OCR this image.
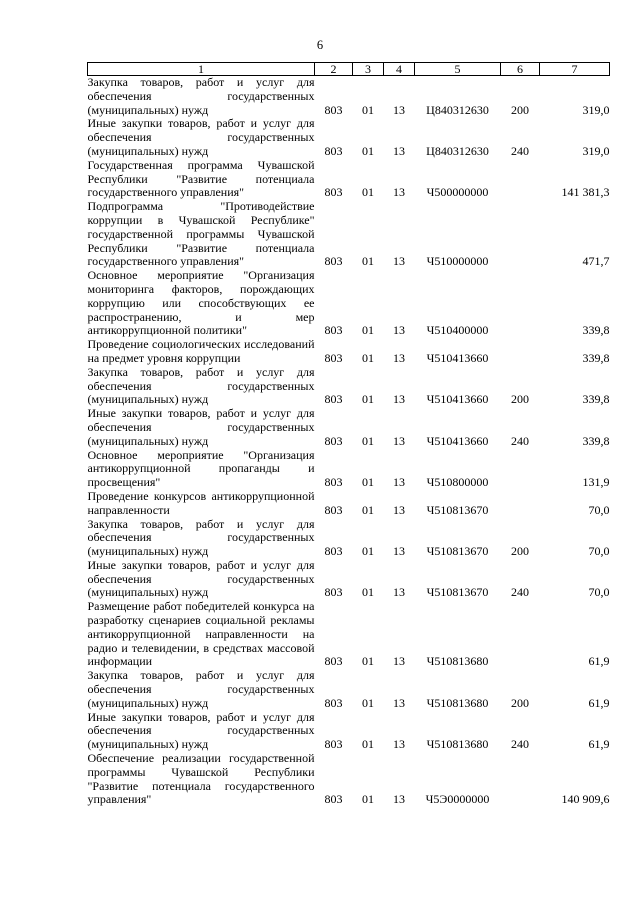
6
1	2	3	4	5	6	7
Закупка товаров, работ и услуг для обеспечения государственных (муниципальных) нужд	803	01	13	Ц840312630	200	319,0
Иные закупки товаров, работ и услуг для обеспечения государственных (муниципальных) нужд	803	01	13	Ц840312630	240	319,0
Государственная программа Чувашской Республики "Развитие потенциала государственного управления"	803	01	13	Ч500000000		141 381,3
Подпрограмма "Противодействие коррупции в Чувашской Республике" государственной программы Чувашской Республики "Развитие потенциала государственного управления"	803	01	13	Ч510000000		471,7
Основное мероприятие "Организация мониторинга факторов, порождающих коррупцию или способствующих ее распространению, и мер антикоррупционной политики"	803	01	13	Ч510400000		339,8
Проведение социологических исследований на предмет уровня коррупции	803	01	13	Ч510413660		339,8
Закупка товаров, работ и услуг для обеспечения государственных (муниципальных) нужд	803	01	13	Ч510413660	200	339,8
Иные закупки товаров, работ и услуг для обеспечения государственных (муниципальных) нужд	803	01	13	Ч510413660	240	339,8
Основное мероприятие "Организация антикоррупционной пропаганды и просвещения"	803	01	13	Ч510800000		131,9
Проведение конкурсов антикоррупционной направленности	803	01	13	Ч510813670		70,0
Закупка товаров, работ и услуг для обеспечения государственных (муниципальных) нужд	803	01	13	Ч510813670	200	70,0
Иные закупки товаров, работ и услуг для обеспечения государственных (муниципальных) нужд	803	01	13	Ч510813670	240	70,0
Размещение работ победителей конкурса на разработку сценариев социальной рекламы антикоррупционной направленности на радио и телевидении, в средствах массовой информации	803	01	13	Ч510813680		61,9
Закупка товаров, работ и услуг для обеспечения государственных (муниципальных) нужд	803	01	13	Ч510813680	200	61,9
Иные закупки товаров, работ и услуг для обеспечения государственных (муниципальных) нужд	803	01	13	Ч510813680	240	61,9
Обеспечение реализации государственной программы Чувашской Республики "Развитие потенциала государственного управления"	803	01	13	Ч5Э0000000		140 909,6
